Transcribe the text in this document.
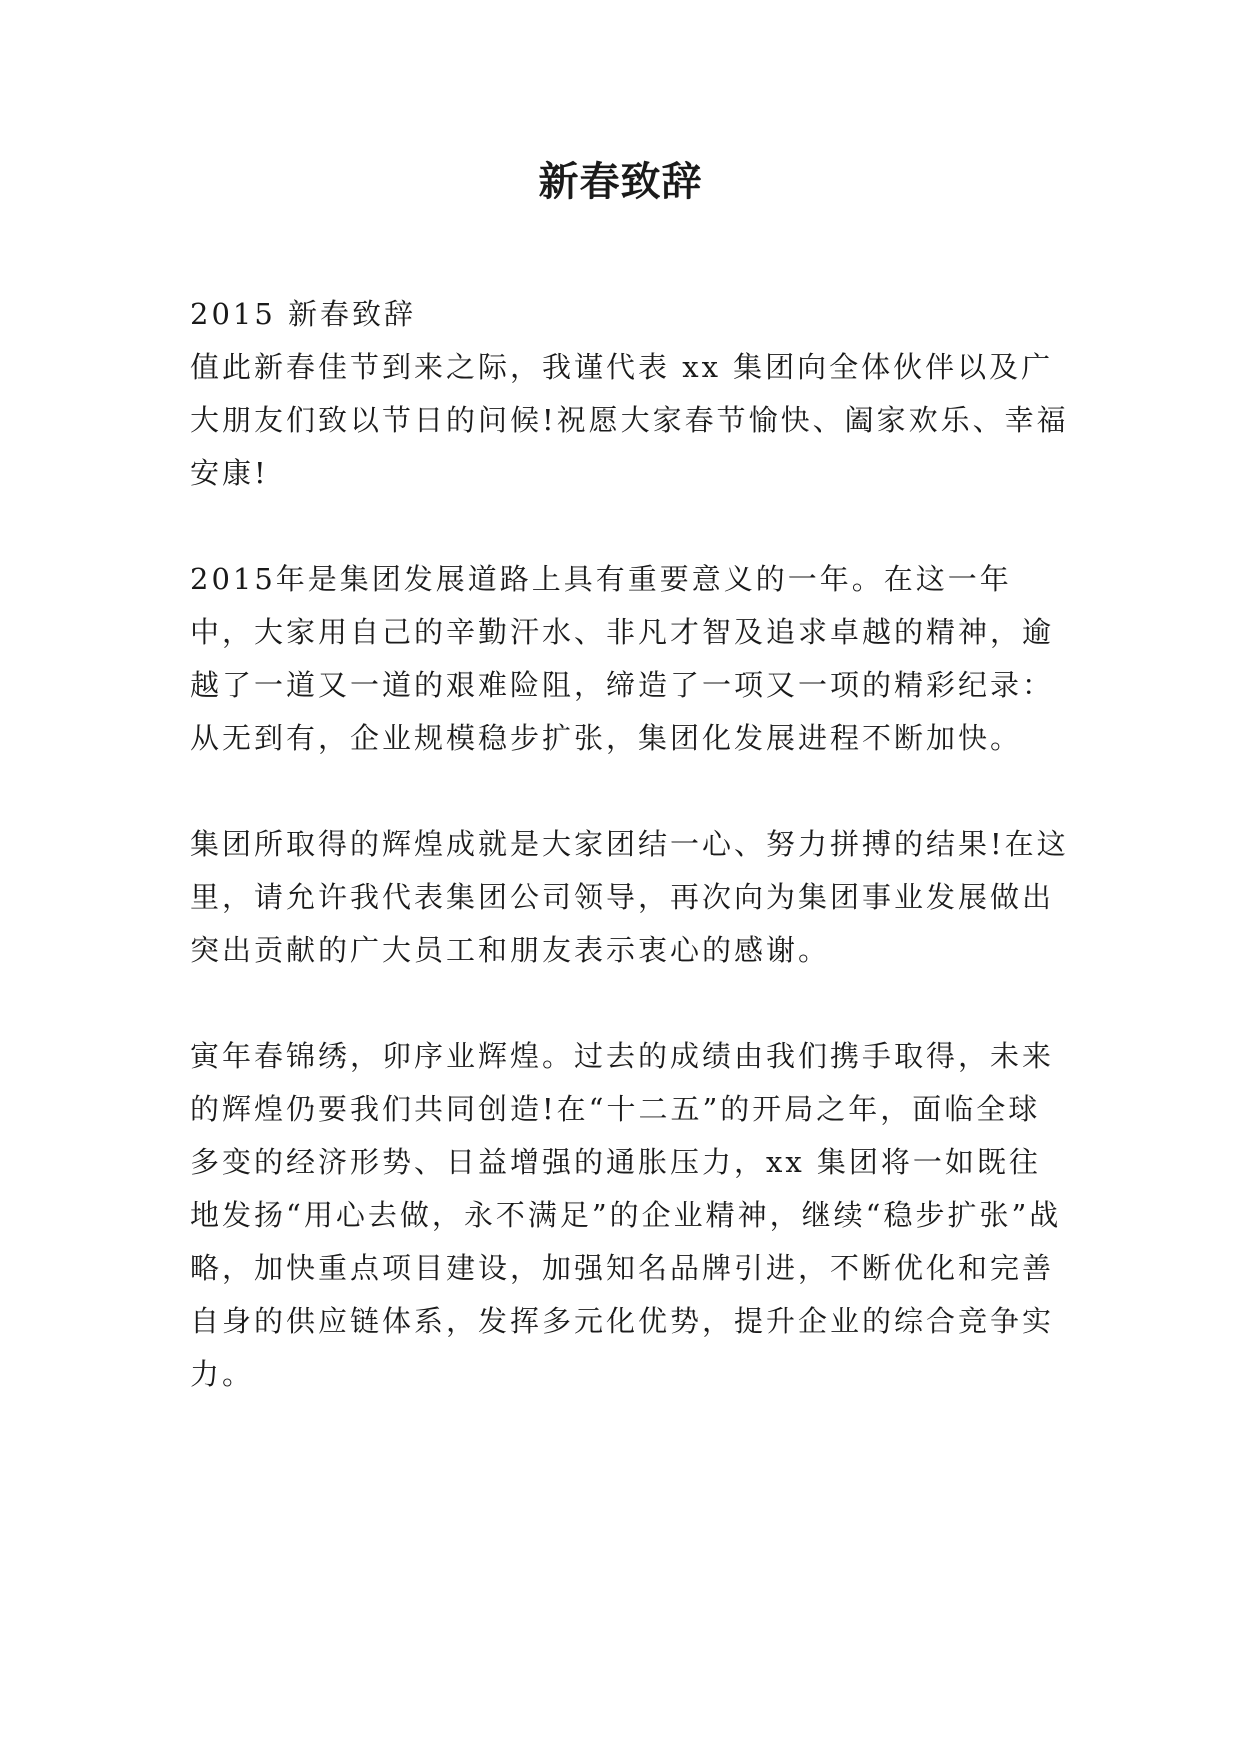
新春致辞

2015 新春致辞

值此新春佳节到来之际，我谨代表 xx 集团向全体伙伴以及广大朋友们致以节日的问候!祝愿大家春节愉快、阖家欢乐、幸福安康!

2015年是集团发展道路上具有重要意义的一年。在这一年中，大家用自己的辛勤汗水、非凡才智及追求卓越的精神，逾越了一道又一道的艰难险阻，缔造了一项又一项的精彩纪录：从无到有，企业规模稳步扩张，集团化发展进程不断加快。

集团所取得的辉煌成就是大家团结一心、努力拼搏的结果!在这里，请允许我代表集团公司领导，再次向为集团事业发展做出突出贡献的广大员工和朋友表示衷心的感谢。

寅年春锦绣，卯序业辉煌。过去的成绩由我们携手取得，未来的辉煌仍要我们共同创造!在“十二五”的开局之年，面临全球多变的经济形势、日益增强的通胀压力，xx 集团将一如既往地发扬“用心去做，永不满足”的企业精神，继续“稳步扩张”战略，加快重点项目建设，加强知名品牌引进，不断优化和完善自身的供应链体系，发挥多元化优势，提升企业的综合竞争实力。
